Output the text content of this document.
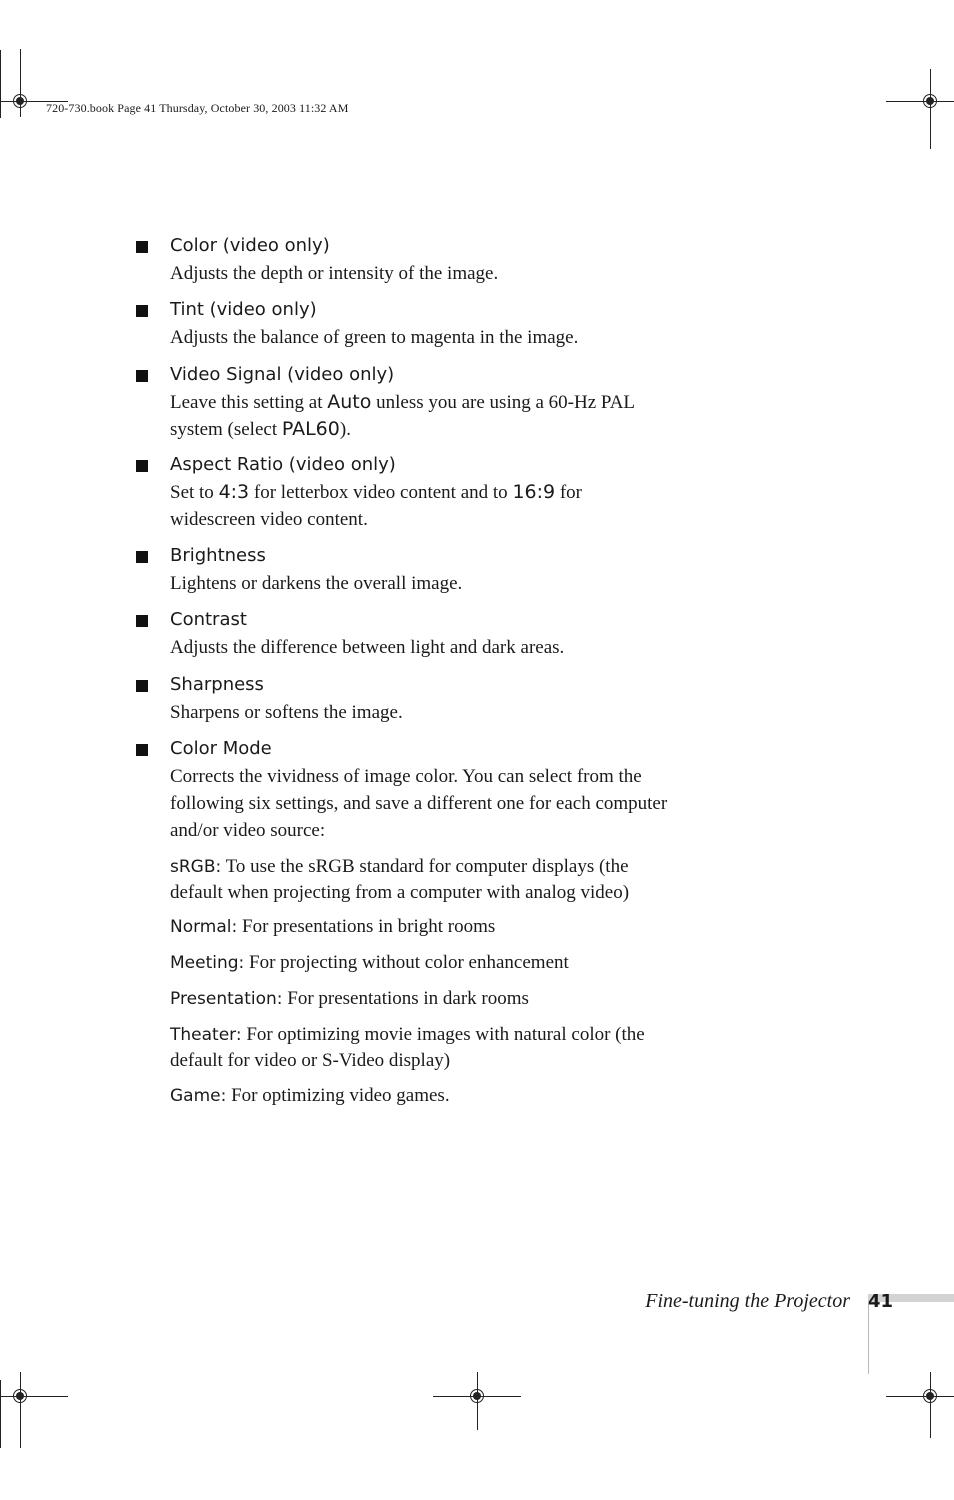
720-730.book Page 41 Thursday, October 30, 2003 11:32 AM
Color (video only)
Adjusts the depth or intensity of the image.
Tint (video only)
Adjusts the balance of green to magenta in the image.
Video Signal (video only)
Leave this setting at Auto unless you are using a 60-Hz PAL system (select PAL60).
Aspect Ratio (video only)
Set to 4:3 for letterbox video content and to 16:9 for widescreen video content.
Brightness
Lightens or darkens the overall image.
Contrast
Adjusts the difference between light and dark areas.
Sharpness
Sharpens or softens the image.
Color Mode
Corrects the vividness of image color. You can select from the following six settings, and save a different one for each computer and/or video source:
sRGB: To use the sRGB standard for computer displays (the default when projecting from a computer with analog video)
Normal: For presentations in bright rooms
Meeting: For projecting without color enhancement
Presentation: For presentations in dark rooms
Theater: For optimizing movie images with natural color (the default for video or S-Video display)
Game: For optimizing video games.
Fine-tuning the Projector 41
